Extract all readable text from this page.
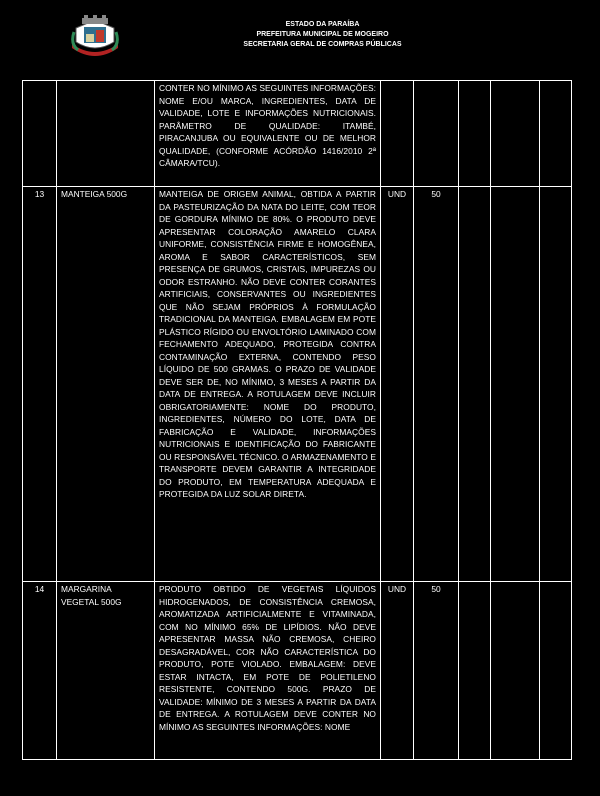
ESTADO DA PARAÍBA
PREFEITURA MUNICIPAL DE MOGEIRO
SECRETARIA GERAL DE COMPRAS PÚBLICAS

		CONTER NO MÍNIMO AS SEGUINTES INFORMAÇÕES: NOME E/OU MARCA, INGREDIENTES, DATA DE VALIDADE, LOTE E INFORMAÇÕES NUTRICIONAIS. PARÂMETRO DE QUALIDADE: ITAMBÉ, PIRACANJUBA OU EQUIVALENTE OU DE MELHOR QUALIDADE, (CONFORME ACÓRDÃO 1416/2010 2ª CÂMARA/TCU).					

13	MANTEIGA 500G	MANTEIGA DE ORIGEM ANIMAL, OBTIDA A PARTIR DA PASTEURIZAÇÃO DA NATA DO LEITE, COM TEOR DE GORDURA MÍNIMO DE 80%. O PRODUTO DEVE APRESENTAR COLORAÇÃO AMARELO CLARA UNIFORME, CONSISTÊNCIA FIRME E HOMOGÊNEA, AROMA E SABOR CARACTERÍSTICOS, SEM PRESENÇA DE GRUMOS, CRISTAIS, IMPUREZAS OU ODOR ESTRANHO. NÃO DEVE CONTER CORANTES ARTIFICIAIS, CONSERVANTES OU INGREDIENTES QUE NÃO SEJAM PRÓPRIOS À FORMULAÇÃO TRADICIONAL DA MANTEIGA. EMBALAGEM EM POTE PLÁSTICO RÍGIDO OU ENVOLTÓRIO LAMINADO COM FECHAMENTO ADEQUADO, PROTEGIDA CONTRA CONTAMINAÇÃO EXTERNA, CONTENDO PESO LÍQUIDO DE 500 GRAMAS. O PRAZO DE VALIDADE DEVE SER DE, NO MÍNIMO, 3 MESES A PARTIR DA DATA DE ENTREGA. A ROTULAGEM DEVE INCLUIR OBRIGATORIAMENTE: NOME DO PRODUTO, INGREDIENTES, NÚMERO DO LOTE, DATA DE FABRICAÇÃO E VALIDADE, INFORMAÇÕES NUTRICIONAIS E IDENTIFICAÇÃO DO FABRICANTE OU RESPONSÁVEL TÉCNICO. O ARMAZENAMENTO E TRANSPORTE DEVEM GARANTIR A INTEGRIDADE DO PRODUTO, EM TEMPERATURA ADEQUADA E PROTEGIDA DA LUZ SOLAR DIRETA.	UND	50			
14	MARGARINA VEGETAL 500G	PRODUTO OBTIDO DE VEGETAIS LÍQUIDOS HIDROGENADOS, DE CONSISTÊNCIA CREMOSA, AROMATIZADA ARTIFICIALMENTE E VITAMINADA, COM NO MÍNIMO 65% DE LIPÍDIOS. NÃO DEVE APRESENTAR MASSA NÃO CREMOSA, CHEIRO DESAGRADÁVEL, COR NÃO CARACTERÍSTICA DO PRODUTO, POTE VIOLADO. EMBALAGEM: DEVE ESTAR INTACTA, EM POTE DE POLIETILENO RESISTENTE, CONTENDO 500G. PRAZO DE VALIDADE: MÍNIMO DE 3 MESES A PARTIR DA DATA DE ENTREGA. A ROTULAGEM DEVE CONTER NO MÍNIMO AS SEGUINTES INFORMAÇÕES: NOME	UND	50			
